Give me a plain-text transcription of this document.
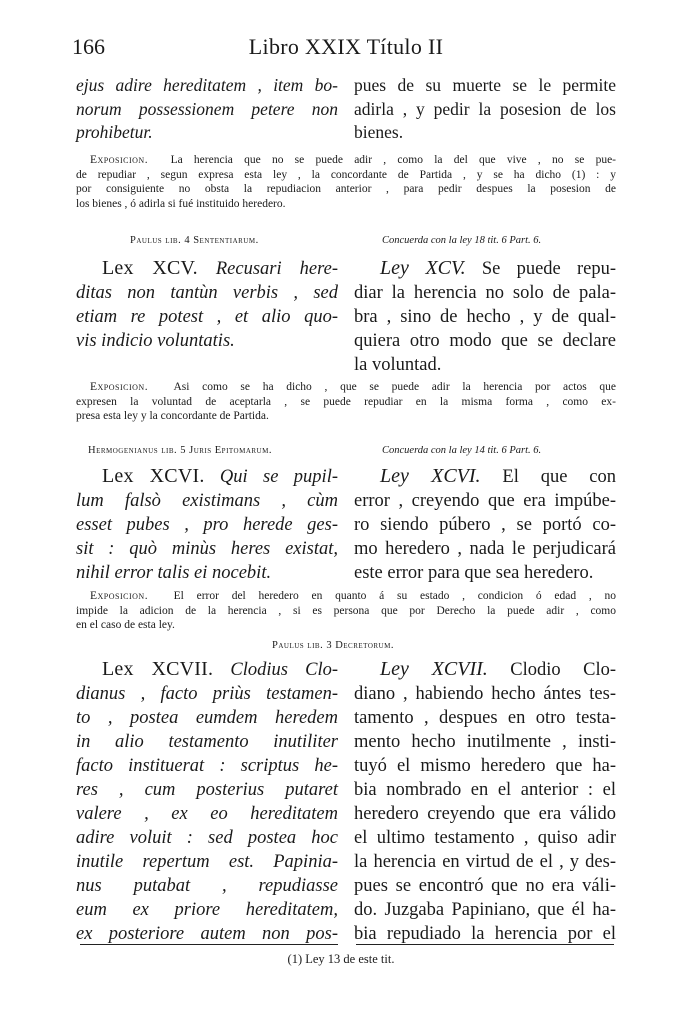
166	Libro XXIX Título II
ejus adire hereditatem , item bo-
norum possessionem petere non
prohibetur.
pues de su muerte se le permite
adirla , y pedir la posesion de los
bienes.
Exposicion. La herencia que no se puede adir , como la del que vive , no se pue-
de repudiar , segun expresa esta ley , la concordante de Partida , y se ha dicho (1) : y
por consiguiente no obsta la repudiacion anterior , para pedir despues la posesion de
los bienes , ó adirla si fué instituido heredero.
Paulus lib. 4 Sententiarum.	Concuerda con la ley 18 tit. 6 Part. 6.
Lex XCV. Recusari here-
ditas non tantùn verbis , sed
etiam re potest , et alio quo-
vis indicio voluntatis.
Ley XCV. Se puede repu-
diar la herencia no solo de pala-
bra , sino de hecho , y de qual-
quiera otro modo que se declare
la voluntad.
Exposicion. Asi como se ha dicho , que se puede adir la herencia por actos que
expresen la voluntad de aceptarla , se puede repudiar en la misma forma , como ex-
presa esta ley y la concordante de Partida.
Hermogenianus lib. 5 Juris Epitomarum.	Concuerda con la ley 14 tit. 6 Part. 6.
Lex XCVI. Qui se pupil-
lum falsò existimans , cùm
esset pubes , pro herede ges-
sit : quò minùs heres existat,
nihil error talis ei nocebit.
Ley XCVI. El que con
error , creyendo que era impúbe-
ro siendo púbero , se portó co-
mo heredero , nada le perjudicará
este error para que sea heredero.
Exposicion. El error del heredero en quanto á su estado , condicion ó edad , no
impide la adicion de la herencia , si es persona que por Derecho la puede adir , como
en el caso de esta ley.
Paulus lib. 3 Decretorum.
Lex XCVII. Clodius Clo-
dianus , facto priùs testamen-
to , postea eumdem heredem
in alio testamento inutiliter
facto instituerat : scriptus he-
res , cum posterius putaret
valere , ex eo hereditatem
adire voluit : sed postea hoc
inutile repertum est. Papinia-
nus putabat , repudiasse
eum ex priore hereditatem,
ex posteriore autem non pos-
Ley XCVII. Clodio Clo-
diano , habiendo hecho ántes tes-
tamento , despues en otro testa-
mento hecho inutilmente , insti-
tuyó el mismo heredero que ha-
bia nombrado en el anterior : el
heredero creyendo que era válido
el ultimo testamento , quiso adir
la herencia en virtud de el , y des-
pues se encontró que no era váli-
do. Juzgaba Papiniano, que él ha-
bia repudiado la herencia por el
(1) Ley 13 de este tit.
